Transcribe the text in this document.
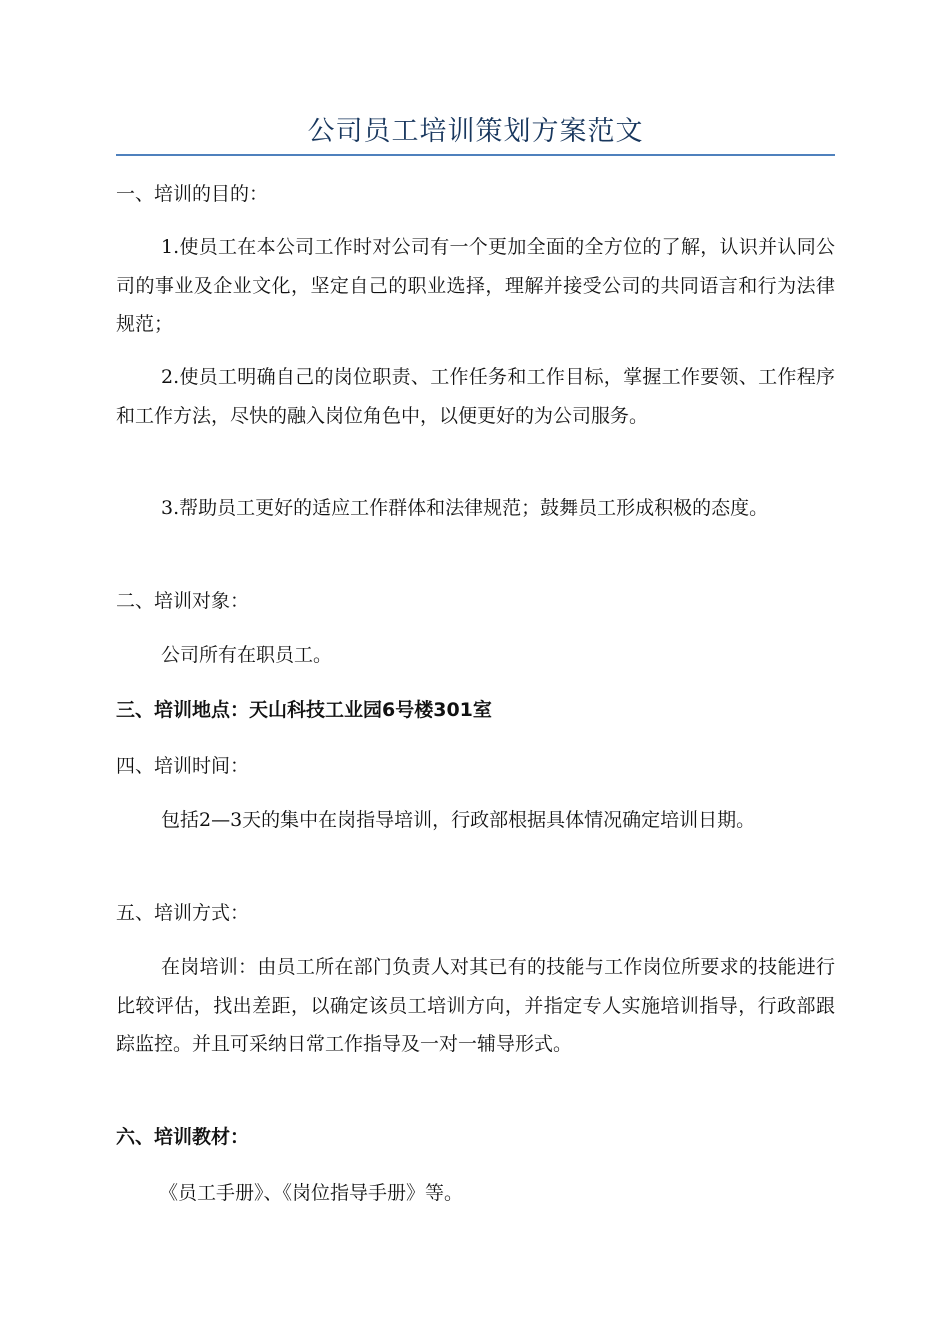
公司员工培训策划方案范文

一、培训的目的：

1.使员工在本公司工作时对公司有一个更加全面的全方位的了解，认识并认同公司的事业及企业文化，坚定自己的职业选择，理解并接受公司的共同语言和行为法律规范；

2.使员工明确自己的岗位职责、工作任务和工作目标，掌握工作要领、工作程序和工作方法，尽快的融入岗位角色中，以便更好的为公司服务。

3.帮助员工更好的适应工作群体和法律规范；鼓舞员工形成积极的态度。

二、培训对象：

公司所有在职员工。

三、培训地点：天山科技工业园6号楼301室

四、培训时间：

包括2—3天的集中在岗指导培训，行政部根据具体情况确定培训日期。

五、培训方式：

在岗培训：由员工所在部门负责人对其已有的技能与工作岗位所要求的技能进行比较评估，找出差距，以确定该员工培训方向，并指定专人实施培训指导，行政部跟踪监控。并且可采纳日常工作指导及一对一辅导形式。

六、培训教材：

《员工手册》、《岗位指导手册》等。
